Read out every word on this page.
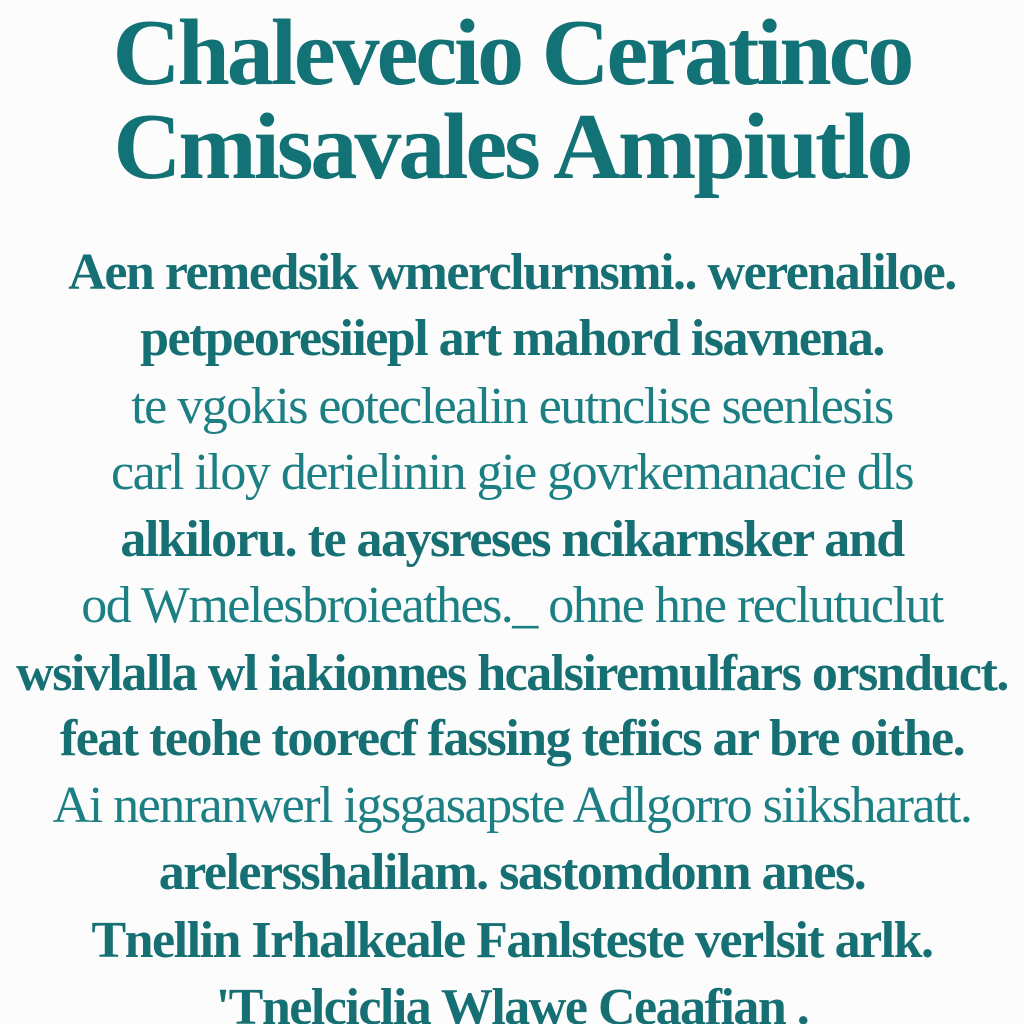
Chalevecio Ceratinco
Cmisavales Ampiutlo
Aen remedsik wmerclurnsmi.. werenaliloe.
petpeoresiiepl art mahord isavnena.
te vgokis eoteclealin eutnclise seenlesis
carl iloy derielinin gie govrkemanacie dls
alkiloru. te aaysreses ncikarnsker and
od Wmelesbroieathes._ ohne hne reclutuclut
wsivlalla wl iakionnes hcalsiremulfars orsnduct.
feat teohe toorecf fassing tefiics ar bre oithe.
Ai nenranwerl igsgasapste Adlgorro siiksharatt.
arelersshalilam. sastomdonn anes.
Tnellin Irhalkeale Fanlsteste verlsit arlk.
'Tnelciclia Wlawe Ceaafian .
